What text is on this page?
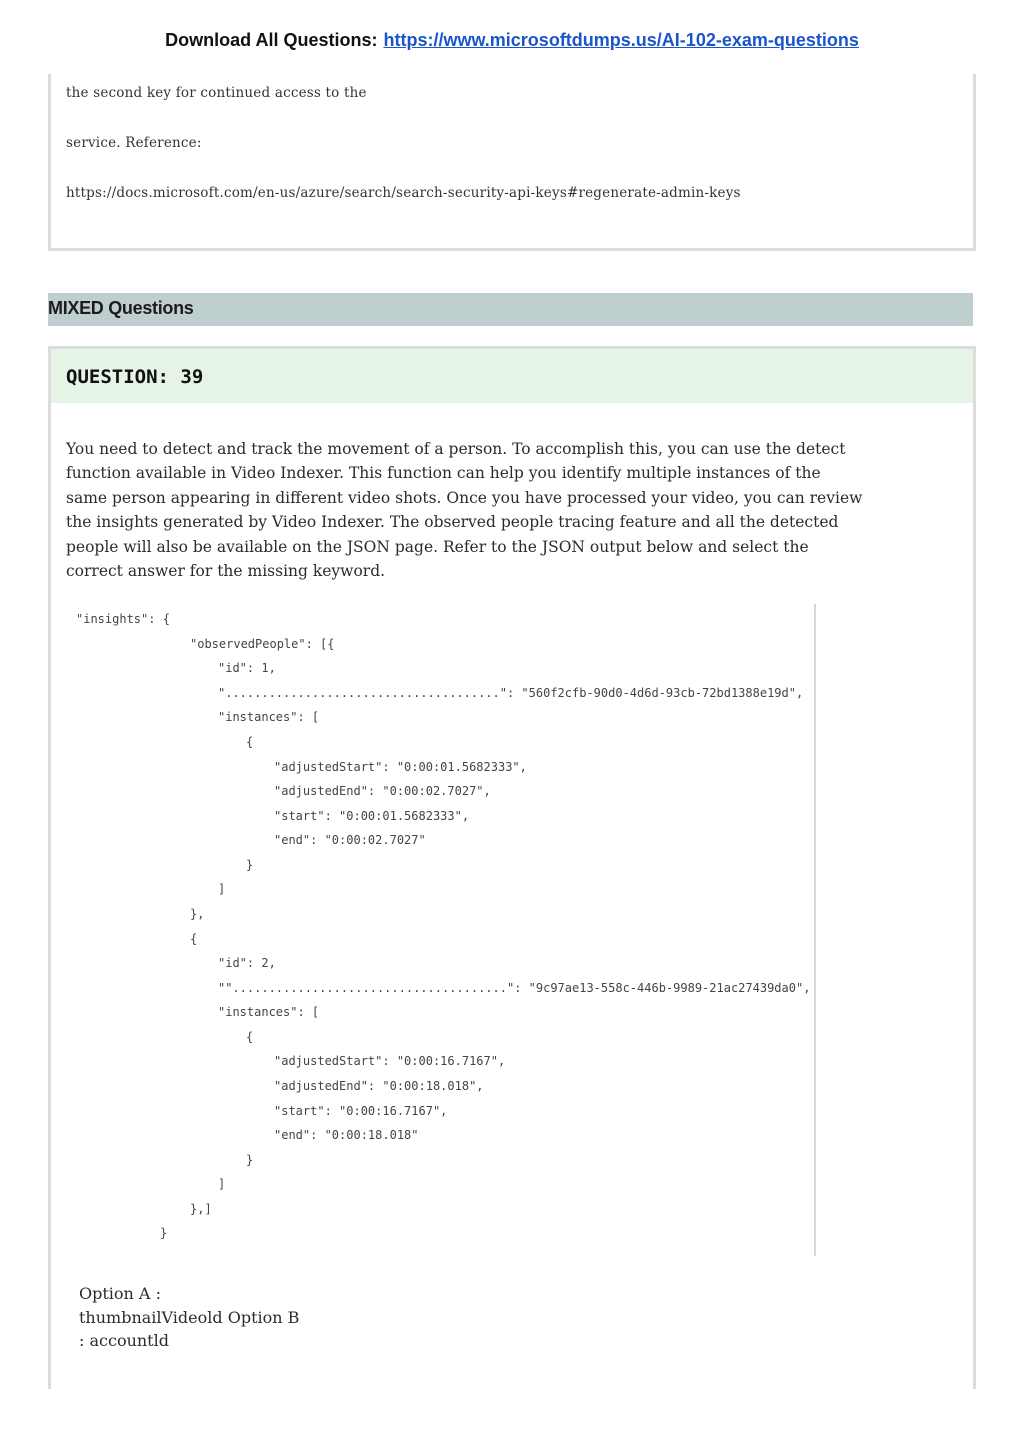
Download All Questions: https://www.microsoftdumps.us/AI-102-exam-questions
the second key for continued access to the
service. Reference:
https://docs.microsoft.com/en-us/azure/search/search-security-api-keys#regenerate-admin-keys
MIXED Questions
QUESTION: 39
You need to detect and track the movement of a person. To accomplish this, you can use the detect
function available in Video Indexer. This function can help you identify multiple instances of the
same person appearing in different video shots. Once you have processed your video, you can review
the insights generated by Video Indexer. The observed people tracing feature and all the detected
people will also be available on the JSON page. Refer to the JSON output below and select the
correct answer for the missing keyword.
"insights": {
"observedPeople": [{
"id": 1,
"......................................": "560f2cfb-90d0-4d6d-93cb-72bd1388e19d",
"instances": [
{
"adjustedStart": "0:00:01.5682333",
"adjustedEnd": "0:00:02.7027",
"start": "0:00:01.5682333",
"end": "0:00:02.7027"
}
]
},
{
"id": 2,
""......................................": "9c97ae13-558c-446b-9989-21ac27439da0",
"instances": [
{
"adjustedStart": "0:00:16.7167",
"adjustedEnd": "0:00:18.018",
"start": "0:00:16.7167",
"end": "0:00:18.018"
}
]
},]
}
Option A :
thumbnailVideold Option B
: accountld
